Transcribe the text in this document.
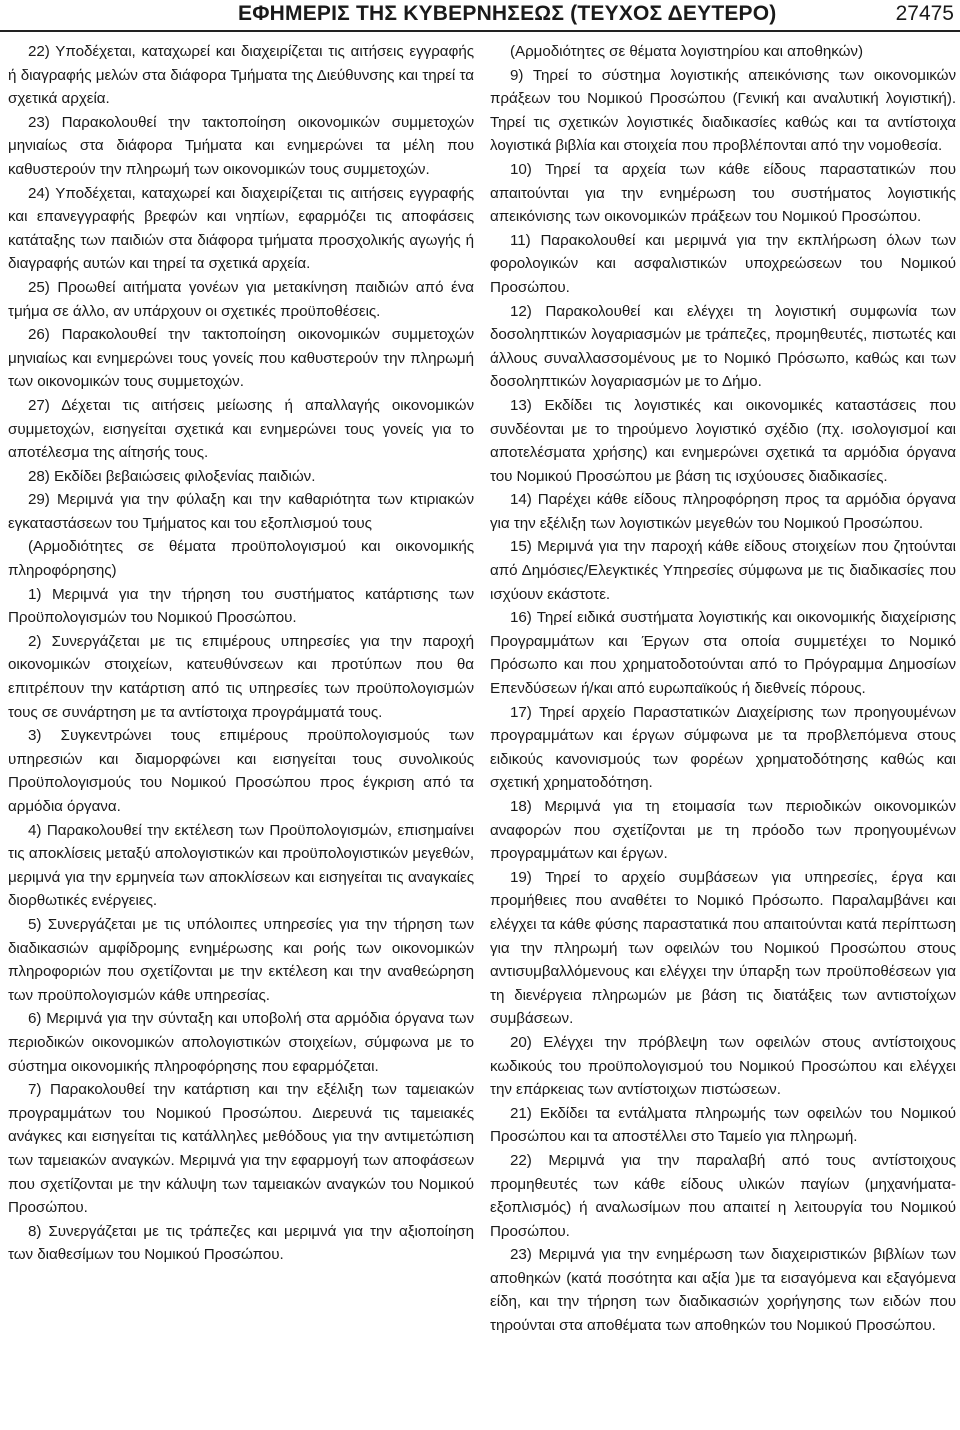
ΕΦΗΜΕΡΙΣ ΤΗΣ ΚΥΒΕΡΝΗΣΕΩΣ (ΤΕΥΧΟΣ ΔΕΥΤΕΡΟ)	27475

22) Υποδέχεται, καταχωρεί και διαχειρίζεται τις αιτήσεις εγγραφής ή διαγραφής μελών στα διάφορα Τμήματα της Διεύθυνσης και τηρεί τα σχετικά αρχεία.

23) Παρακολουθεί την τακτοποίηση οικονομικών συμμετοχών μηνιαίως στα διάφορα Τμήματα και ενημερώνει τα μέλη που καθυστερούν την πληρωμή των οικονομικών τους συμμετοχών.

24) Υποδέχεται, καταχωρεί και διαχειρίζεται τις αιτήσεις εγγραφής και επανεγγραφής βρεφών και νηπίων, εφαρμόζει τις αποφάσεις κατάταξης των παιδιών στα διάφορα τμήματα προσχολικής αγωγής ή διαγραφής αυτών και τηρεί τα σχετικά αρχεία.

25) Προωθεί αιτήματα γονέων για μετακίνηση παιδιών από ένα τμήμα σε άλλο, αν υπάρχουν οι σχετικές προϋποθέσεις.

26) Παρακολουθεί την τακτοποίηση οικονομικών συμμετοχών μηνιαίως και ενημερώνει τους γονείς που καθυστερούν την πληρωμή των οικονομικών τους συμμετοχών.

27) Δέχεται τις αιτήσεις μείωσης ή απαλλαγής οικονομικών συμμετοχών, εισηγείται σχετικά και ενημερώνει τους γονείς για το αποτέλεσμα της αίτησής τους.

28) Εκδίδει βεβαιώσεις φιλοξενίας παιδιών.

29) Μεριμνά για την φύλαξη και την καθαριότητα των κτιριακών εγκαταστάσεων του Τμήματος και του εξοπλισμού τους

(Αρμοδιότητες σε θέματα προϋπολογισμού και οικονομικής πληροφόρησης)

1) Μεριμνά για την τήρηση του συστήματος κατάρτισης των Προϋπολογισμών του Νομικού Προσώπου.

2) Συνεργάζεται με τις επιμέρους υπηρεσίες για την παροχή οικονομικών στοιχείων, κατευθύνσεων και προτύπων που θα επιτρέπουν την κατάρτιση από τις υπηρεσίες των προϋπολογισμών τους σε συνάρτηση με τα αντίστοιχα προγράμματά τους.

3) Συγκεντρώνει τους επιμέρους προϋπολογισμούς των υπηρεσιών και διαμορφώνει και εισηγείται τους συνολικούς Προϋπολογισμούς του Νομικού Προσώπου προς έγκριση από τα αρμόδια όργανα.

4) Παρακολουθεί την εκτέλεση των Προϋπολογισμών, επισημαίνει τις αποκλίσεις μεταξύ απολογιστικών και προϋπολογιστικών μεγεθών, μεριμνά για την ερμηνεία των αποκλίσεων και εισηγείται τις αναγκαίες διορθωτικές ενέργειες.

5) Συνεργάζεται με τις υπόλοιπες υπηρεσίες για την τήρηση των διαδικασιών αμφίδρομης ενημέρωσης και ροής των οικονομικών πληροφοριών που σχετίζονται με την εκτέλεση και την αναθεώρηση των προϋπολογισμών κάθε υπηρεσίας.

6) Μεριμνά για την σύνταξη και υποβολή στα αρμόδια όργανα των περιοδικών οικονομικών απολογιστικών στοιχείων, σύμφωνα με το σύστημα οικονομικής πληροφόρησης που εφαρμόζεται.

7) Παρακολουθεί την κατάρτιση και την εξέλιξη των ταμειακών προγραμμάτων του Νομικού Προσώπου. Διερευνά τις ταμειακές ανάγκες και εισηγείται τις κατάλληλες μεθόδους για την αντιμετώπιση των ταμειακών αναγκών. Μεριμνά για την εφαρμογή των αποφάσεων που σχετίζονται με την κάλυψη των ταμειακών αναγκών του Νομικού Προσώπου.

8) Συνεργάζεται με τις τράπεζες και μεριμνά για την αξιοποίηση των διαθεσίμων του Νομικού Προσώπου.

(Αρμοδιότητες σε θέματα λογιστηρίου και αποθηκών)

9) Τηρεί το σύστημα λογιστικής απεικόνισης των οικονομικών πράξεων του Νομικού Προσώπου (Γενική και αναλυτική λογιστική). Τηρεί τις σχετικών λογιστικές διαδικασίες καθώς και τα αντίστοιχα λογιστικά βιβλία και στοιχεία που προβλέπονται από την νομοθεσία.

10) Τηρεί τα αρχεία των κάθε είδους παραστατικών που απαιτούνται για την ενημέρωση του συστήματος λογιστικής απεικόνισης των οικονομικών πράξεων του Νομικού Προσώπου.

11) Παρακολουθεί και μεριμνά για την εκπλήρωση όλων των φορολογικών και ασφαλιστικών υποχρεώσεων του Νομικού Προσώπου.

12) Παρακολουθεί και ελέγχει τη λογιστική συμφωνία των δοσοληπτικών λογαριασμών με τράπεζες, προμηθευτές, πιστωτές και άλλους συναλλασσομένους με το Νομικό Πρόσωπο, καθώς και των δοσοληπτικών λογαριασμών με το Δήμο.

13) Εκδίδει τις λογιστικές και οικονομικές καταστάσεις που συνδέονται με το τηρούμενο λογιστικό σχέδιο (πχ. ισολογισμοί και αποτελέσματα χρήσης) και ενημερώνει σχετικά τα αρμόδια όργανα του Νομικού Προσώπου με βάση τις ισχύουσες διαδικασίες.

14) Παρέχει κάθε είδους πληροφόρηση προς τα αρμόδια όργανα για την εξέλιξη των λογιστικών μεγεθών του Νομικού Προσώπου.

15) Μεριμνά για την παροχή κάθε είδους στοιχείων που ζητούνται από Δημόσιες/Ελεγκτικές Υπηρεσίες σύμφωνα με τις διαδικασίες που ισχύουν εκάστοτε.

16) Τηρεί ειδικά συστήματα λογιστικής και οικονομικής διαχείρισης Προγραμμάτων και Έργων στα οποία συμμετέχει το Νομικό Πρόσωπο και που χρηματοδοτούνται από το Πρόγραμμα Δημοσίων Επενδύσεων ή/και από ευρωπαϊκούς ή διεθνείς πόρους.

17) Τηρεί αρχείο Παραστατικών Διαχείρισης των προηγουμένων προγραμμάτων και έργων σύμφωνα με τα προβλεπόμενα στους ειδικούς κανονισμούς των φορέων χρηματοδότησης καθώς και σχετική χρηματοδότηση.

18) Μεριμνά για τη ετοιμασία των περιοδικών οικονομικών αναφορών που σχετίζονται με τη πρόοδο των προηγουμένων προγραμμάτων και έργων.

19) Τηρεί το αρχείο συμβάσεων για υπηρεσίες, έργα και προμήθειες που αναθέτει το Νομικό Πρόσωπο. Παραλαμβάνει και ελέγχει τα κάθε φύσης παραστατικά που απαιτούνται κατά περίπτωση για την πληρωμή των οφειλών του Νομικού Προσώπου στους αντισυμβαλλόμενους και ελέγχει την ύπαρξη των προϋποθέσεων για τη διενέργεια πληρωμών με βάση τις διατάξεις των αντιστοίχων συμβάσεων.

20) Ελέγχει την πρόβλεψη των οφειλών στους αντίστοιχους κωδικούς του προϋπολογισμού του Νομικού Προσώπου και ελέγχει την επάρκειας των αντίστοιχων πιστώσεων.

21) Εκδίδει τα εντάλματα πληρωμής των οφειλών του Νομικού Προσώπου και τα αποστέλλει στο Ταμείο για πληρωμή.

22) Μεριμνά για την παραλαβή από τους αντίστοιχους προμηθευτές των κάθε είδους υλικών παγίων (μηχανήματα-εξοπλισμός) ή αναλωσίμων που απαιτεί η λειτουργία του Νομικού Προσώπου.

23) Μεριμνά για την ενημέρωση των διαχειριστικών βιβλίων των αποθηκών (κατά ποσότητα και αξία )με τα εισαγόμενα και εξαγόμενα είδη, και την τήρηση των διαδικασιών χορήγησης των ειδών που τηρούνται στα αποθέματα των αποθηκών του Νομικού Προσώπου.
